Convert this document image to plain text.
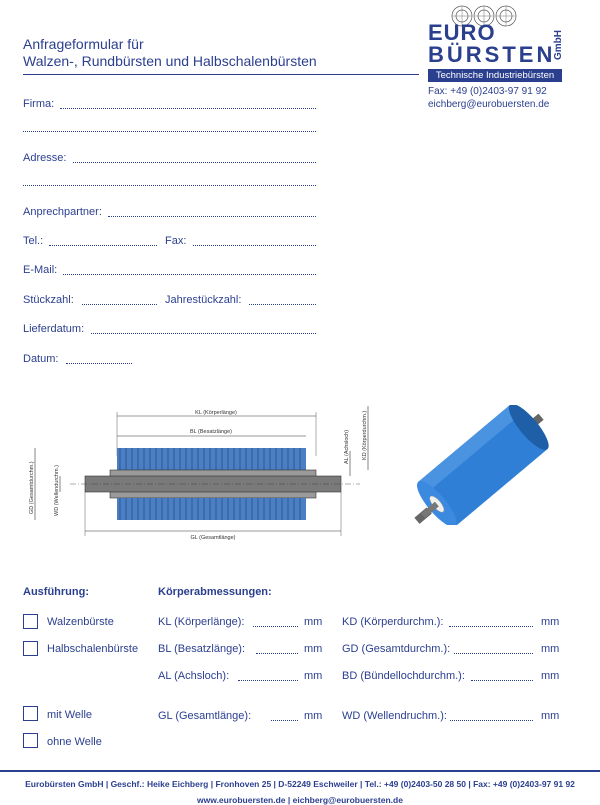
Anfrageformular für
Walzen-, Rundbürsten und Halbschalenbürsten
EURO
BÜRSTEN
GmbH
Technische Industriebürsten
Fax: +49 (0)2403-97 91 92
eichberg@eurobuersten.de
Firma:
Adresse:
Anprechpartner:
Tel.:	Fax:
E-Mail:
Stückzahl:	Jahrestückzahl:
Lieferdatum:
Datum:
KL (Körperlänge)
BL (Besatzlänge)
GL (Gesamtlänge)
GD (Gesamtdurchm.)	WD (Wellendurchm.)
AL (Achsloch) KD (Körperdurchm.)
Ausführung:
Walzenbürste
Halbschalenbürste
mit Welle
ohne Welle
Körperabmessungen:
KL (Körperlänge):	mm
BL (Besatzlänge):	mm
AL (Achsloch):	mm
GL (Gesamtlänge):	mm
KD (Körperdurchm.):	mm
GD (Gesamtdurchm.):	mm
BD (Bündellochdurchm.):	mm
WD (Wellendruchm.):	mm
Eurobürsten GmbH | Geschf.: Heike Eichberg | Fronhoven 25 | D-52249 Eschweiler | Tel.: +49 (0)2403-50 28 50 | Fax: +49 (0)2403-97 91 92
www.eurobuersten.de | eichberg@eurobuersten.de
